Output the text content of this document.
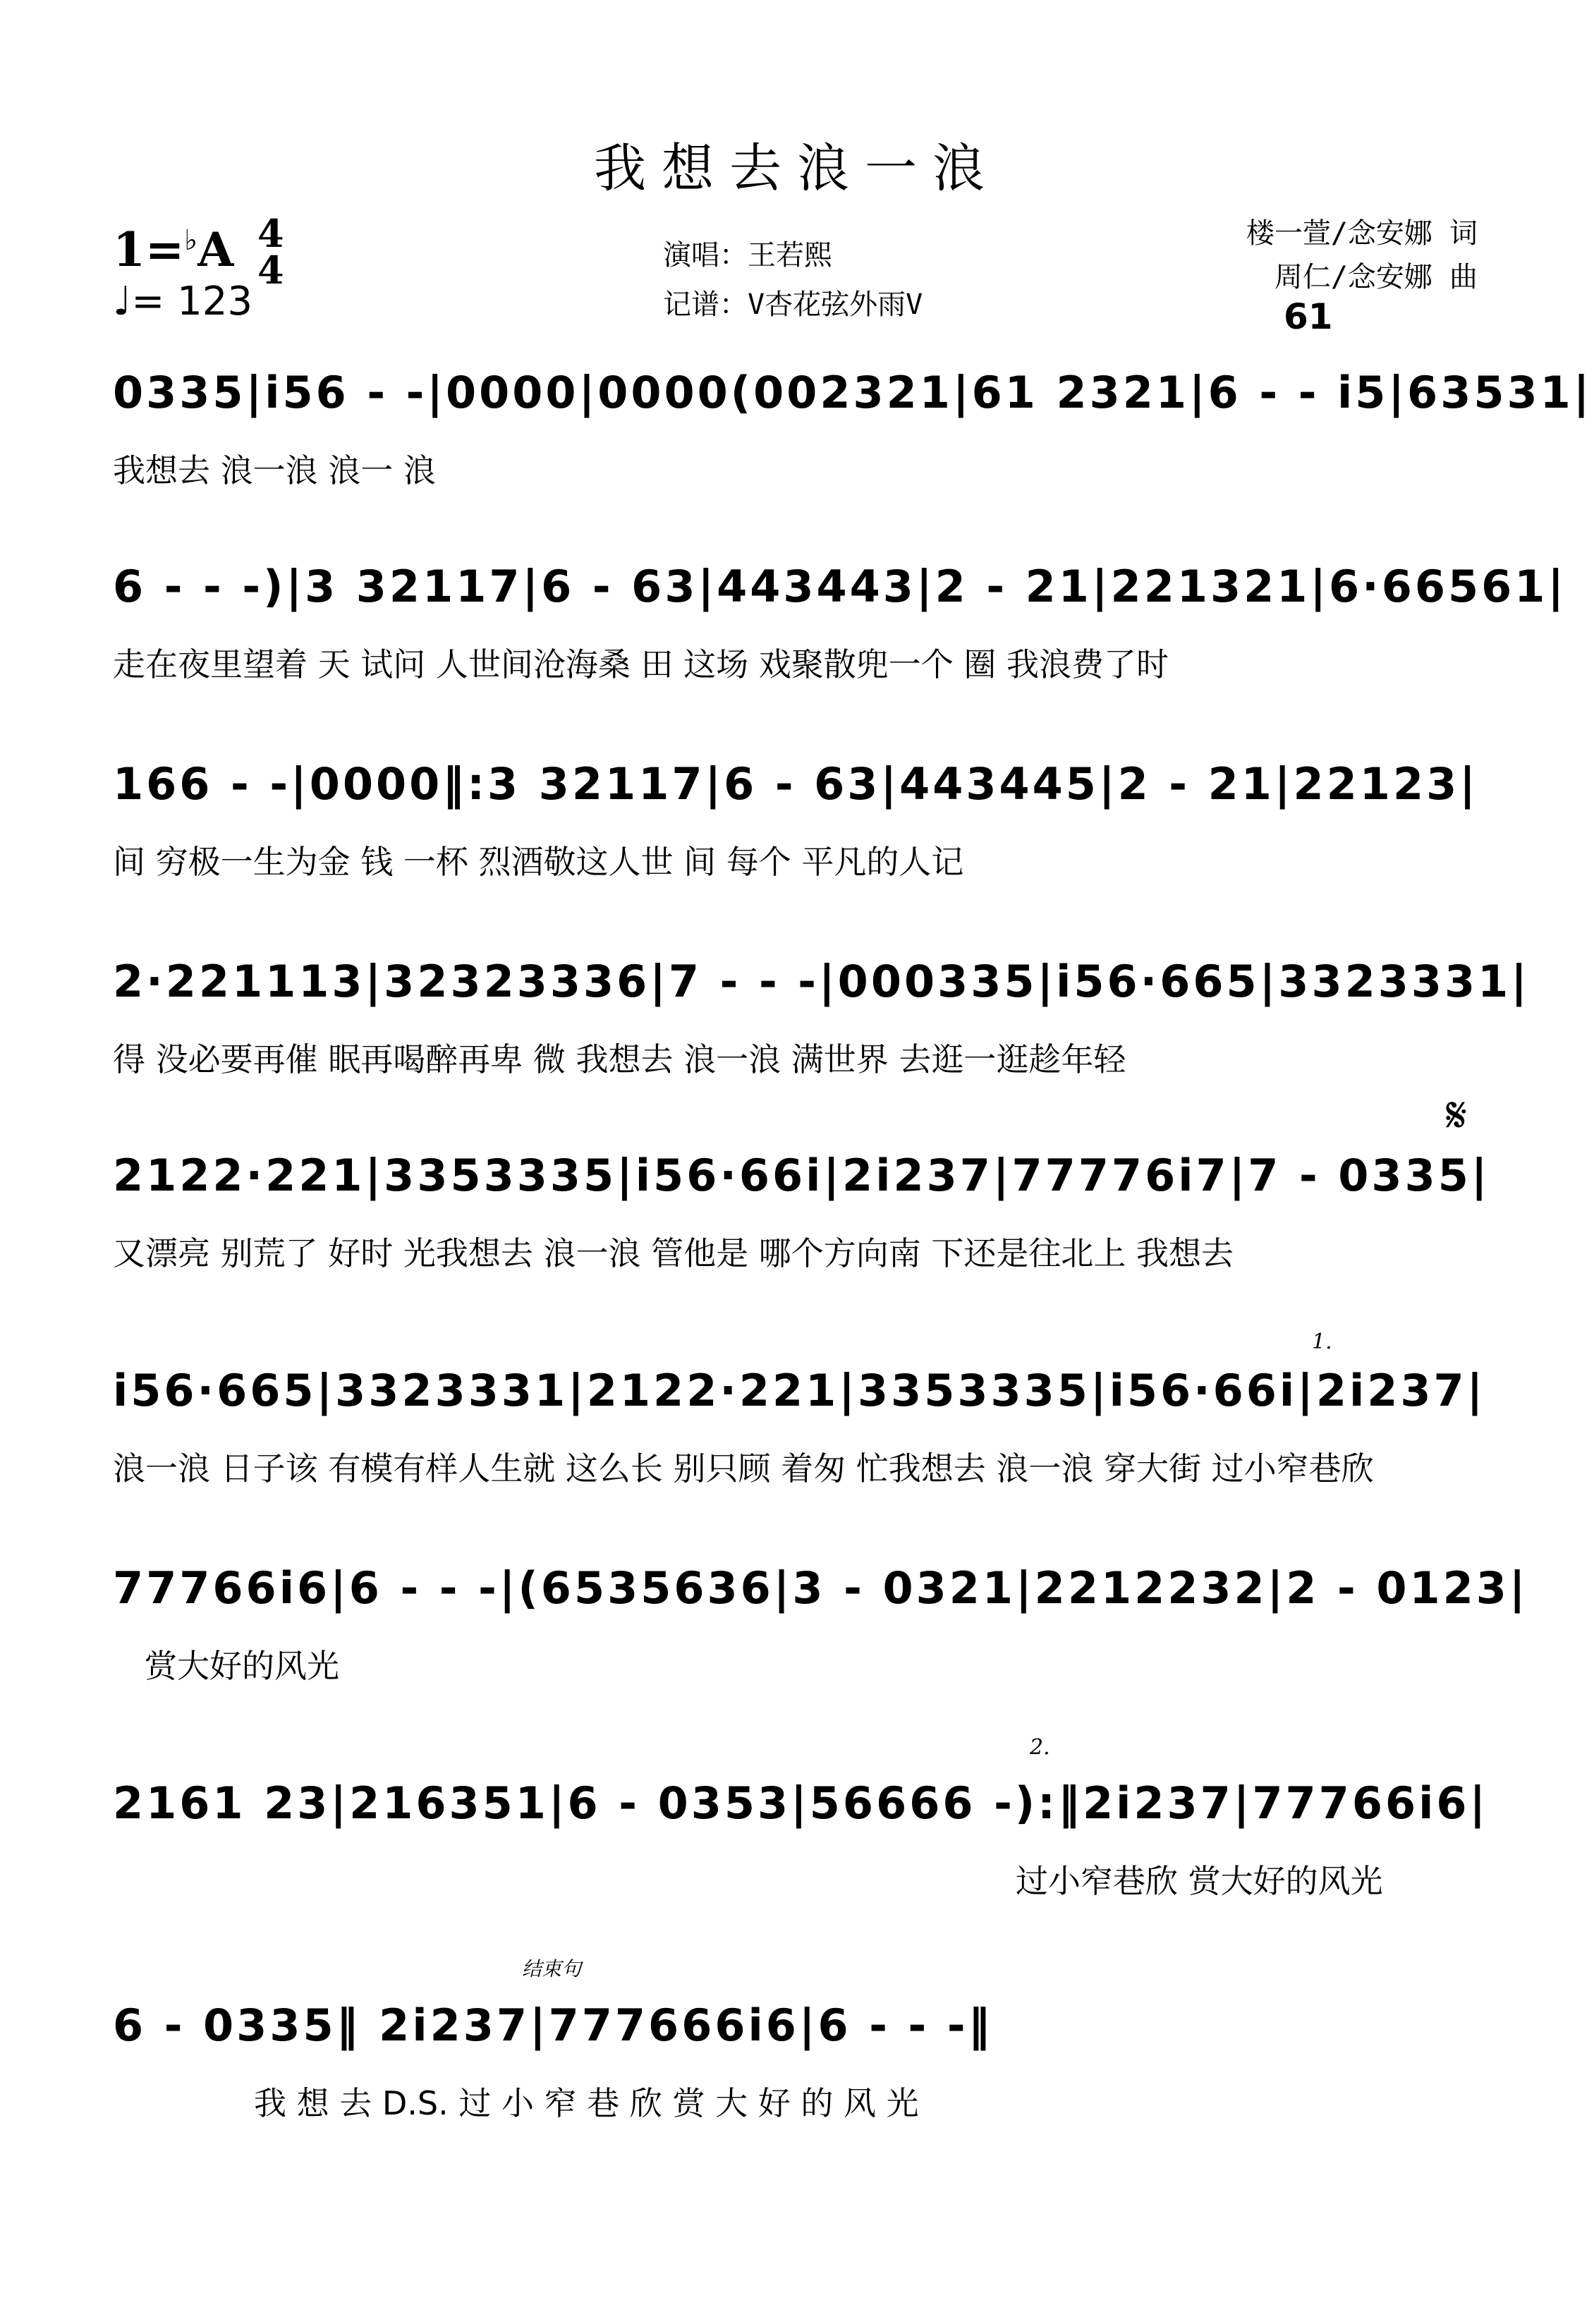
我想去浪一浪
1=♭A 4
4
♩= 123
演唱：王若熙
记谱：V杏花弦外雨V
楼一萱/念安娜 词
周仁/念安娜 曲
61
0335|i56 - -|0000|0000(002321|61 2321|6 - - i5|63531|
我想去 浪一浪 浪一 浪
6 - - -)|3 32117|6 - 63|443443|2 - 21|221321|6·66561|
走在夜里望着 天 试问 人世间沧海桑 田 这场 戏聚散兜一个 圈 我浪费了时
166 - -|0000‖:3 32117|6 - 63|443445|2 - 21|22123|
间 穷极一生为金 钱 一杯 烈酒敬这人世 间 每个 平凡的人记
2·221113|32323336|7 - - -|000335|i56·665|3323331|
得 没必要再催 眠再喝醉再卑 微 我想去 浪一浪 满世界 去逛一逛趁年轻
𝄋
2122·221|3353335|i56·66i|2i237|77776i7|7 - 0335|
又漂亮 别荒了 好时 光我想去 浪一浪 管他是 哪个方向南 下还是往北上 我想去
1.
i56·665|3323331|2122·221|3353335|i56·66i|2i237|
浪一浪 日子该 有模有样人生就 这么长 别只顾 着匆 忙我想去 浪一浪 穿大街 过小窄巷欣
77766i6|6 - - -|(6535636|3 - 0321|2212232|2 - 0123|
赏大好的风光
2.
2161 23|216351|6 - 0353|56666 -):‖2i237|77766i6|
过小窄巷欣 赏大好的风光
结束句
6 - 0335‖ 2i237|777666i6|6 - - -‖
我 想 去 D.S. 过 小 窄 巷 欣 赏 大 好 的 风 光
